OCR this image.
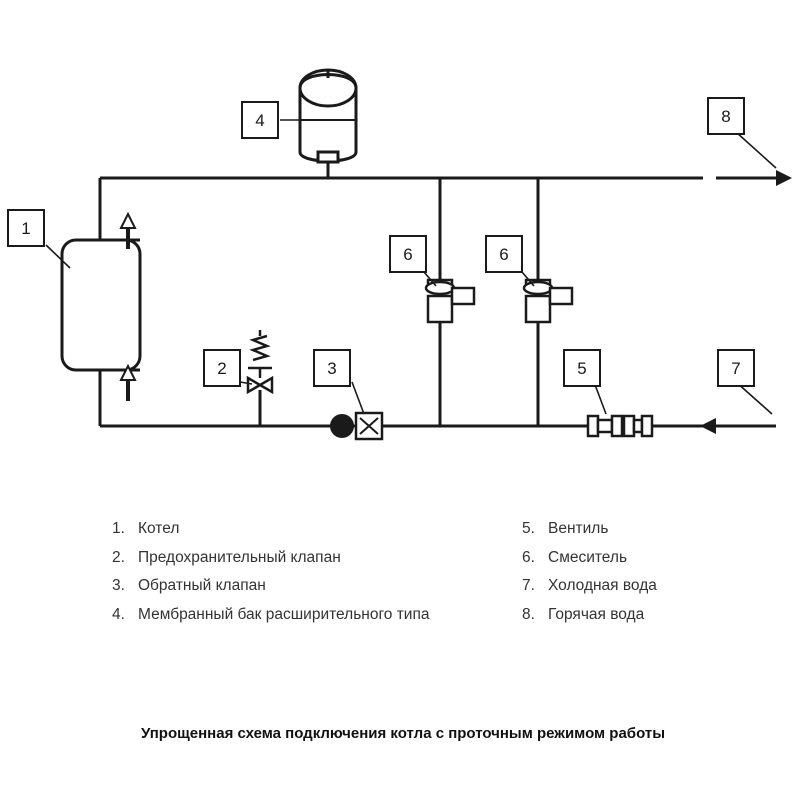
1
2	3
4
5
6	6
7
8
1. Котел
2. Предохранительный клапан
3. Обратный клапан
4. Мембранный бак расширительного типа
5. Вентиль
6. Смеситель
7. Холодная вода
8. Горячая вода
Упрощенная схема подключения котла с проточным режимом работы
